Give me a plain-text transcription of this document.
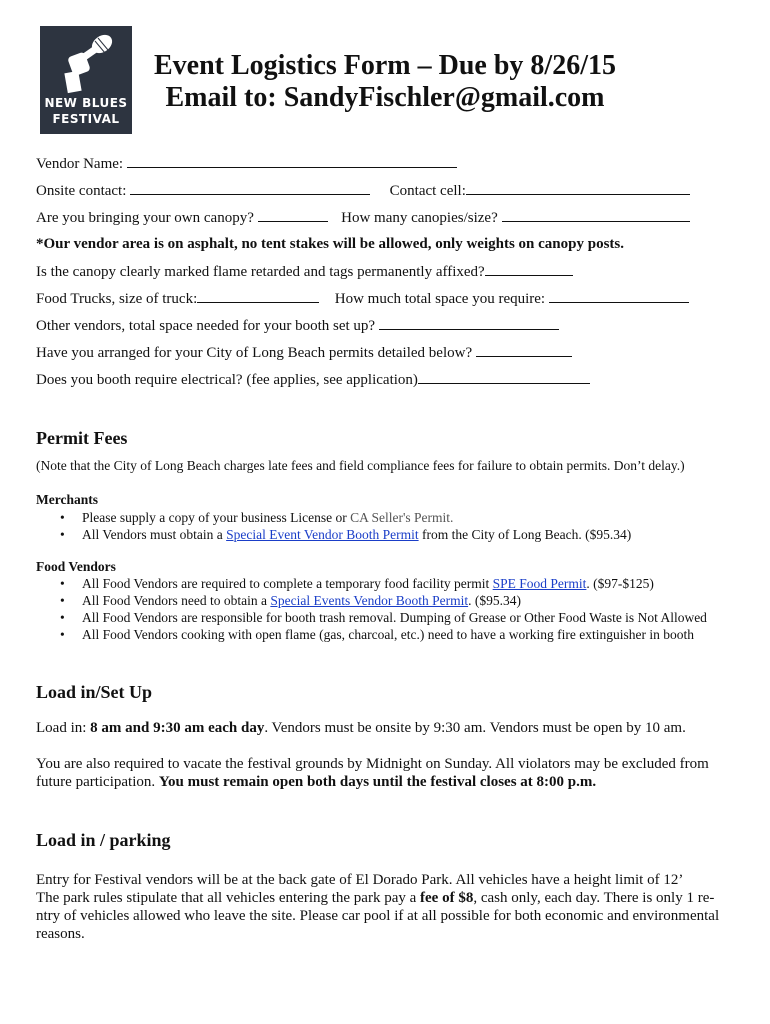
NEW BLUES
FESTIVAL
Event Logistics Form – Due by 8/26/15
Email to: SandyFischler@gmail.com
Vendor Name:
Onsite contact:	Contact cell:
Are you bringing your own canopy?	How many canopies/size?
*Our vendor area is on asphalt, no tent stakes will be allowed, only weights on canopy posts.
Is the canopy clearly marked flame retarded and tags permanently affixed?
Food Trucks, size of truck:	How much total space you require:
Other vendors, total space needed for your booth set up?
Have you arranged for your City of Long Beach permits detailed below?
Does you booth require electrical? (fee applies, see application)
Permit Fees
(Note that the City of Long Beach charges late fees and field compliance fees for failure to obtain permits. Don’t delay.)
Merchants
• Please supply a copy of your business License or CA Seller's Permit.
• All Vendors must obtain a Special Event Vendor Booth Permit from the City of Long Beach. ($95.34)
Food Vendors
• All Food Vendors are required to complete a temporary food facility permit SPE Food Permit. ($97-$125)
• All Food Vendors need to obtain a Special Events Vendor Booth Permit. ($95.34)
• All Food Vendors are responsible for booth trash removal. Dumping of Grease or Other Food Waste is Not Allowed
• All Food Vendors cooking with open flame (gas, charcoal, etc.) need to have a working fire extinguisher in booth
Load in/Set Up
Load in: 8 am and 9:30 am each day. Vendors must be onsite by 9:30 am. Vendors must be open by 10 am.
You are also required to vacate the festival grounds by Midnight on Sunday. All violators may be excluded from future participation. You must remain open both days until the festival closes at 8:00 p.m.
Load in / parking
Entry for Festival vendors will be at the back gate of El Dorado Park. All vehicles have a height limit of 12’
The park rules stipulate that all vehicles entering the park pay a fee of $8, cash only, each day. There is only 1 re-ntry of vehicles allowed who leave the site. Please car pool if at all possible for both economic and environmental reasons.
